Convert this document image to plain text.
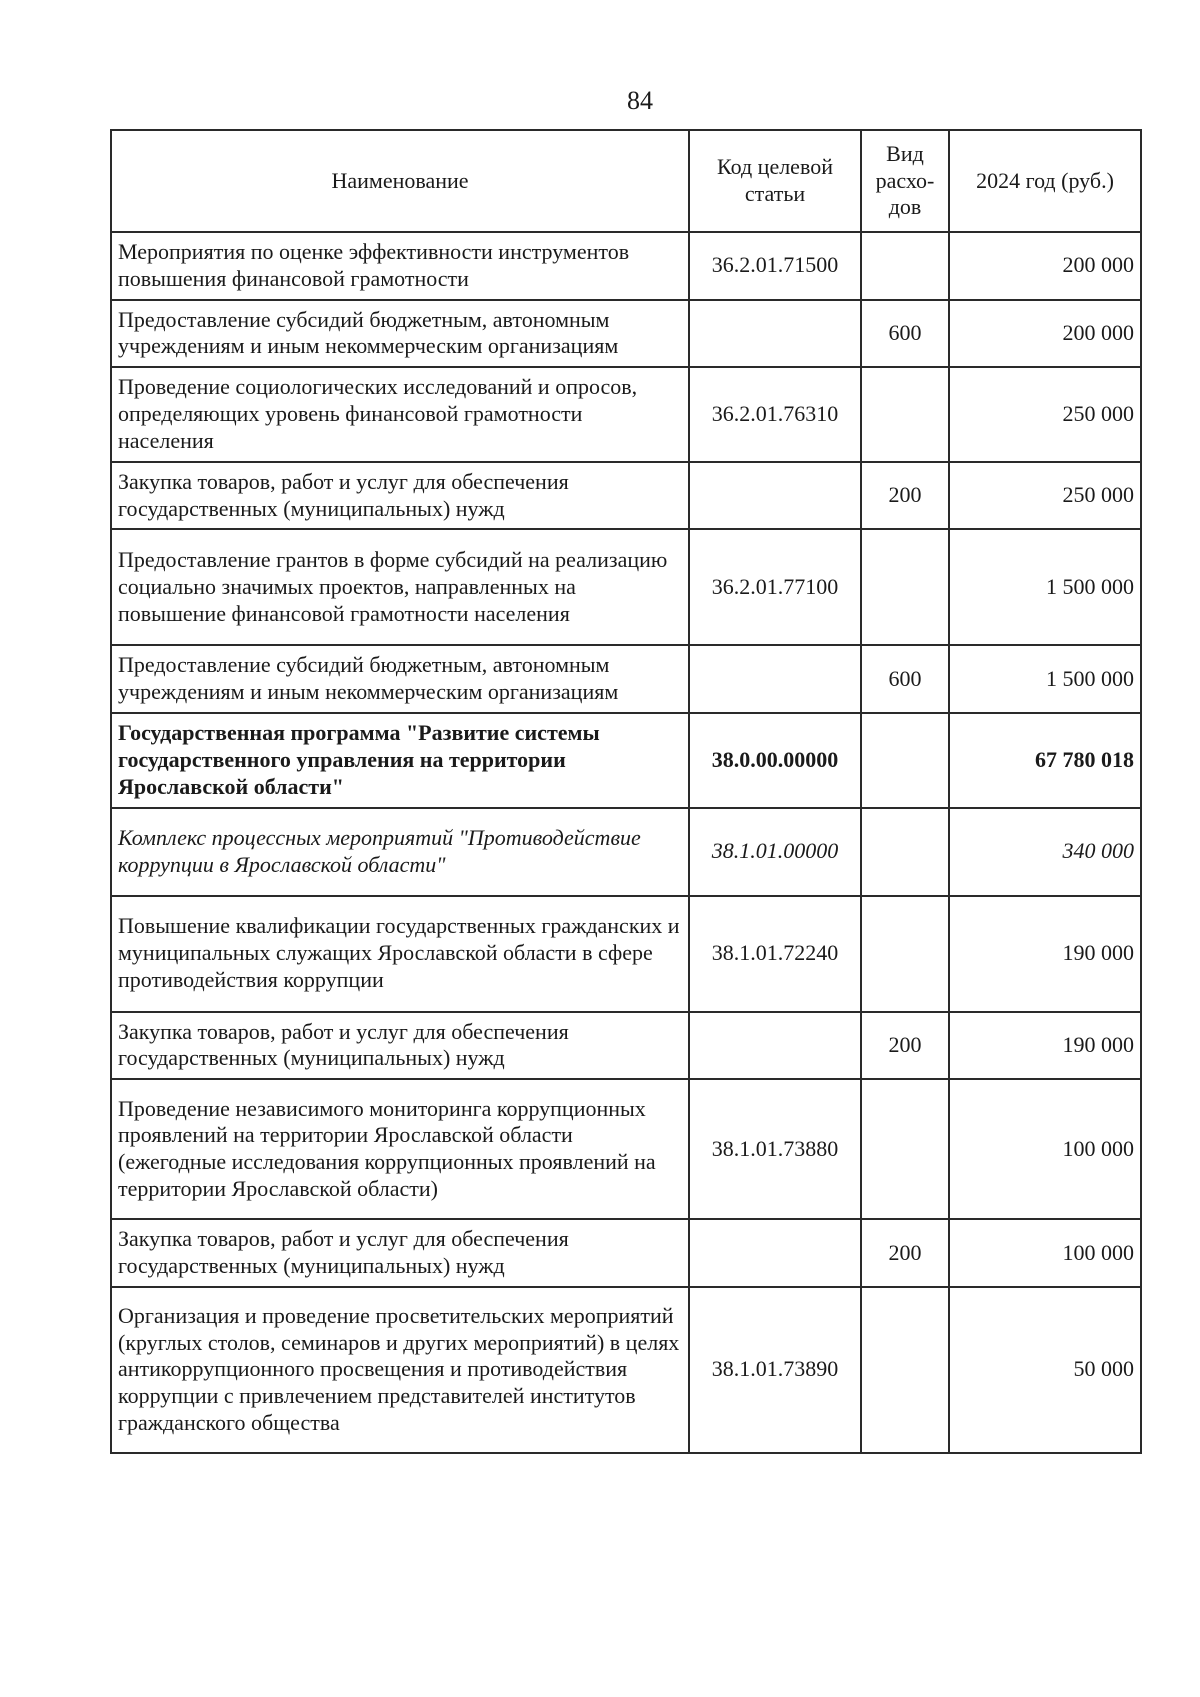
84
Наименование	Код целевой статьи	Вид расхо-дов	2024 год (руб.)
Мероприятия по оценке эффективности инструментов повышения финансовой грамотности	36.2.01.71500		200 000
Предоставление субсидий бюджетным, автономным учреждениям и иным некоммерческим организациям		600	200 000
Проведение социологических исследований и опросов, определяющих уровень финансовой грамотности населения	36.2.01.76310		250 000
Закупка товаров, работ и услуг для обеспечения государственных (муниципальных) нужд		200	250 000
Предоставление грантов в форме субсидий на реализацию социально значимых проектов, направленных на повышение финансовой грамотности населения	36.2.01.77100		1 500 000
Предоставление субсидий бюджетным, автономным учреждениям и иным некоммерческим организациям		600	1 500 000
Государственная программа "Развитие системы государственного управления на территории Ярославской области"	38.0.00.00000		67 780 018
Комплекс процессных мероприятий "Противодействие коррупции в Ярославской области"	38.1.01.00000		340 000
Повышение квалификации государственных гражданских и муниципальных служащих Ярославской области в сфере противодействия коррупции	38.1.01.72240		190 000
Закупка товаров, работ и услуг для обеспечения государственных (муниципальных) нужд		200	190 000
Проведение независимого мониторинга коррупционных проявлений на территории Ярославской области (ежегодные исследования коррупционных проявлений на территории Ярославской области)	38.1.01.73880		100 000
Закупка товаров, работ и услуг для обеспечения государственных (муниципальных) нужд		200	100 000
Организация и проведение просветительских мероприятий (круглых столов, семинаров и других мероприятий) в целях антикоррупционного просвещения и противодействия коррупции с привлечением представителей институтов гражданского общества	38.1.01.73890		50 000
